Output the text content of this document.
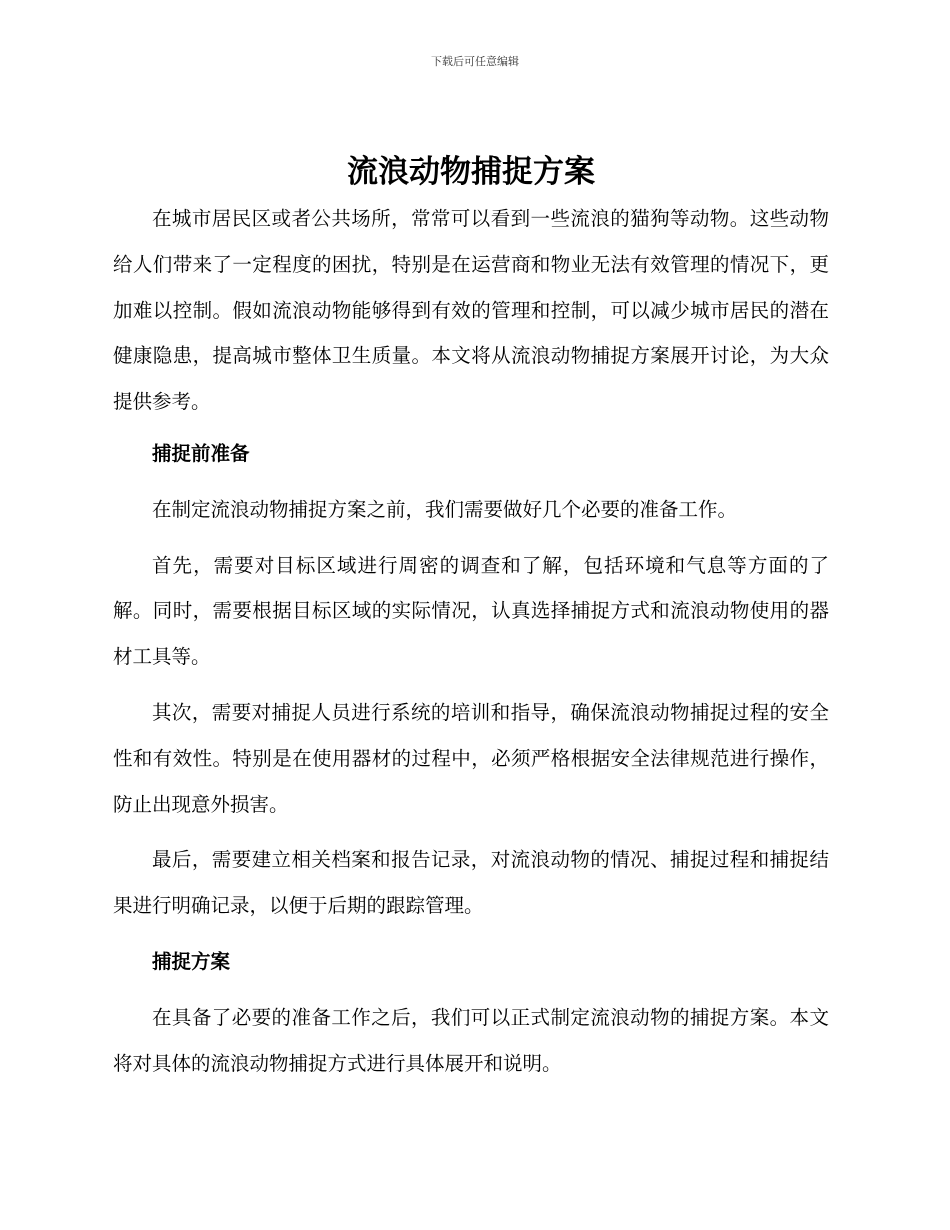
下载后可任意编辑
流浪动物捕捉方案

在城市居民区或者公共场所，常常可以看到一些流浪的猫狗等动物。这些动物给人们带来了一定程度的困扰，特别是在运营商和物业无法有效管理的情况下，更加难以控制。假如流浪动物能够得到有效的管理和控制，可以减少城市居民的潜在健康隐患，提高城市整体卫生质量。本文将从流浪动物捕捉方案展开讨论，为大众提供参考。

捕捉前准备

在制定流浪动物捕捉方案之前，我们需要做好几个必要的准备工作。

首先，需要对目标区域进行周密的调查和了解，包括环境和气息等方面的了解。同时，需要根据目标区域的实际情况，认真选择捕捉方式和流浪动物使用的器材工具等。

其次，需要对捕捉人员进行系统的培训和指导，确保流浪动物捕捉过程的安全性和有效性。特别是在使用器材的过程中，必须严格根据安全法律规范进行操作，防止出现意外损害。

最后，需要建立相关档案和报告记录，对流浪动物的情况、捕捉过程和捕捉结果进行明确记录，以便于后期的跟踪管理。

捕捉方案

在具备了必要的准备工作之后，我们可以正式制定流浪动物的捕捉方案。本文将对具体的流浪动物捕捉方式进行具体展开和说明。
